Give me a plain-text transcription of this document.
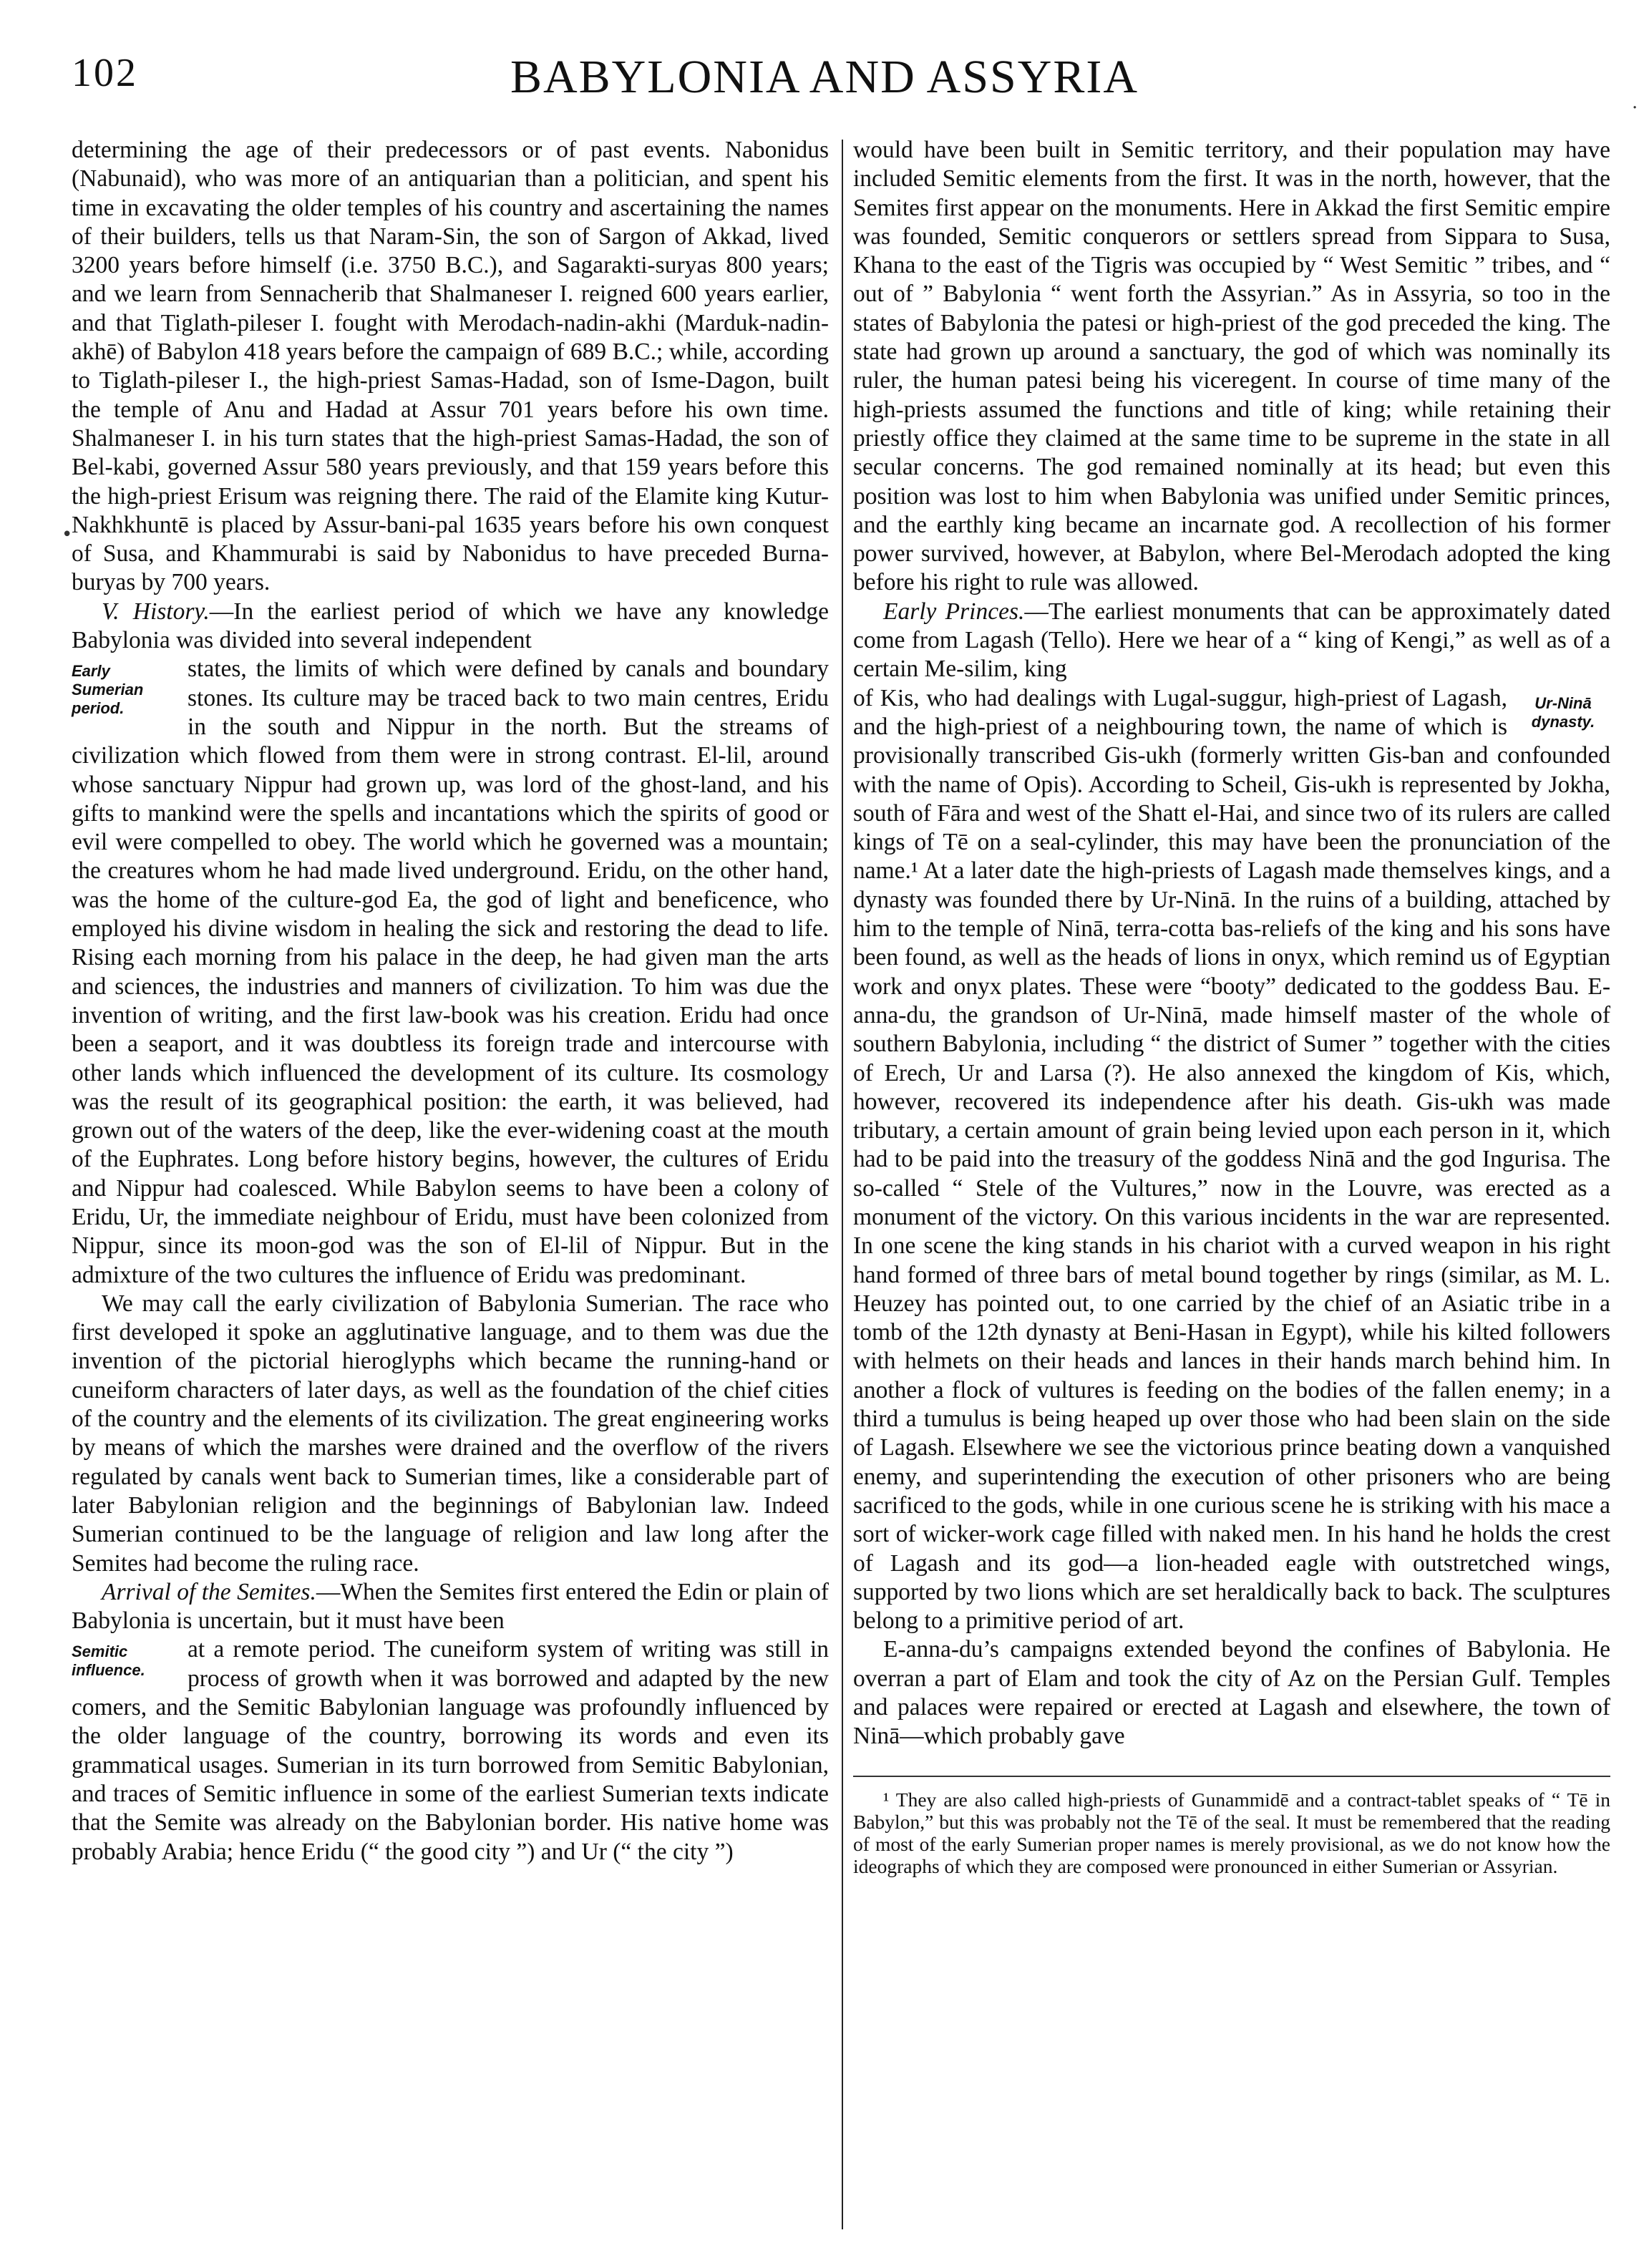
102	BABYLONIA AND ASSYRIA	.
•

determining the age of their predecessors or of past events. Nabonidus (Nabunaid), who was more of an antiquarian than a politician, and spent his time in excavating the older temples of his country and ascertaining the names of their builders, tells us that Naram-Sin, the son of Sargon of Akkad, lived 3200 years before himself (i.e. 3750 B.C.), and Sagarakti-suryas 800 years; and we learn from Sennacherib that Shalmaneser I. reigned 600 years earlier, and that Tiglath-pileser I. fought with Merodach-nadin-akhi (Marduk-nadin-akhē) of Babylon 418 years before the campaign of 689 B.C.; while, according to Tiglath-pileser I., the high-priest Samas-Hadad, son of Isme-Dagon, built the temple of Anu and Hadad at Assur 701 years before his own time. Shalmaneser I. in his turn states that the high-priest Samas-Hadad, the son of Bel-kabi, governed Assur 580 years previously, and that 159 years before this the high-priest Erisum was reigning there. The raid of the Elamite king Kutur-Nakhkhuntē is placed by Assur-bani-pal 1635 years before his own conquest of Susa, and Khammurabi is said by Nabonidus to have preceded Burna-buryas by 700 years.

V. History.—In the earliest period of which we have any knowledge Babylonia was divided into several independent

Early Sumerian period.
states, the limits of which were defined by canals and boundary stones. Its culture may be traced back to two main centres, Eridu in the south and Nippur in the north. But the streams of civilization which flowed from them were in strong contrast. El-lil, around whose sanctuary Nippur had grown up, was lord of the ghost-land, and his gifts to mankind were the spells and incantations which the spirits of good or evil were compelled to obey. The world which he governed was a mountain; the creatures whom he had made lived underground. Eridu, on the other hand, was the home of the culture-god Ea, the god of light and beneficence, who employed his divine wisdom in healing the sick and restoring the dead to life. Rising each morning from his palace in the deep, he had given man the arts and sciences, the industries and manners of civilization. To him was due the invention of writing, and the first law-book was his creation. Eridu had once been a seaport, and it was doubtless its foreign trade and intercourse with other lands which influenced the development of its culture. Its cosmology was the result of its geographical position: the earth, it was believed, had grown out of the waters of the deep, like the ever-widening coast at the mouth of the Euphrates. Long before history begins, however, the cultures of Eridu and Nippur had coalesced. While Babylon seems to have been a colony of Eridu, Ur, the immediate neighbour of Eridu, must have been colonized from Nippur, since its moon-god was the son of El-lil of Nippur. But in the admixture of the two cultures the influence of Eridu was predominant.

We may call the early civilization of Babylonia Sumerian. The race who first developed it spoke an agglutinative language, and to them was due the invention of the pictorial hieroglyphs which became the running-hand or cuneiform characters of later days, as well as the foundation of the chief cities of the country and the elements of its civilization. The great engineering works by means of which the marshes were drained and the overflow of the rivers regulated by canals went back to Sumerian times, like a considerable part of later Babylonian religion and the beginnings of Babylonian law. Indeed Sumerian continued to be the language of religion and law long after the Semites had become the ruling race.

Arrival of the Semites.—When the Semites first entered the Edin or plain of Babylonia is uncertain, but it must have been

Semitic influence.
at a remote period. The cuneiform system of writing was still in process of growth when it was borrowed and adapted by the new comers, and the Semitic Babylonian language was profoundly influenced by the older language of the country, borrowing its words and even its grammatical usages. Sumerian in its turn borrowed from Semitic Babylonian, and traces of Semitic influence in some of the earliest Sumerian texts indicate that the Semite was already on the Babylonian border. His native home was probably Arabia; hence Eridu (“ the good city ”) and Ur (“ the city ”)

would have been built in Semitic territory, and their population may have included Semitic elements from the first. It was in the north, however, that the Semites first appear on the monuments. Here in Akkad the first Semitic empire was founded, Semitic conquerors or settlers spread from Sippara to Susa, Khana to the east of the Tigris was occupied by “ West Semitic ” tribes, and “ out of ” Babylonia “ went forth the Assyrian.” As in Assyria, so too in the states of Babylonia the patesi or high-priest of the god preceded the king. The state had grown up around a sanctuary, the god of which was nominally its ruler, the human patesi being his viceregent. In course of time many of the high-priests assumed the functions and title of king; while retaining their priestly office they claimed at the same time to be supreme in the state in all secular concerns. The god remained nominally at its head; but even this position was lost to him when Babylonia was unified under Semitic princes, and the earthly king became an incarnate god. A recollection of his former power survived, however, at Babylon, where Bel-Merodach adopted the king before his right to rule was allowed.

Early Princes.—The earliest monuments that can be approximately dated come from Lagash (Tello). Here we hear of a “ king of Kengi,” as well as of a certain Me-silim, king

Ur-Ninā dynasty.
of Kis, who had dealings with Lugal-suggur, high-priest of Lagash, and the high-priest of a neighbouring town, the name of which is provisionally transcribed Gis-ukh (formerly written Gis-ban and confounded with the name of Opis). According to Scheil, Gis-ukh is represented by Jokha, south of Fāra and west of the Shatt el-Hai, and since two of its rulers are called kings of Tē on a seal-cylinder, this may have been the pronunciation of the name.¹ At a later date the high-priests of Lagash made themselves kings, and a dynasty was founded there by Ur-Ninā. In the ruins of a building, attached by him to the temple of Ninā, terra-cotta bas-reliefs of the king and his sons have been found, as well as the heads of lions in onyx, which remind us of Egyptian work and onyx plates. These were “booty” dedicated to the goddess Bau. E-anna-du, the grandson of Ur-Ninā, made himself master of the whole of southern Babylonia, including “ the district of Sumer ” together with the cities of Erech, Ur and Larsa (?). He also annexed the kingdom of Kis, which, however, recovered its independence after his death. Gis-ukh was made tributary, a certain amount of grain being levied upon each person in it, which had to be paid into the treasury of the goddess Ninā and the god Ingurisa. The so-called “ Stele of the Vultures,” now in the Louvre, was erected as a monument of the victory. On this various incidents in the war are represented. In one scene the king stands in his chariot with a curved weapon in his right hand formed of three bars of metal bound together by rings (similar, as M. L. Heuzey has pointed out, to one carried by the chief of an Asiatic tribe in a tomb of the 12th dynasty at Beni-Hasan in Egypt), while his kilted followers with helmets on their heads and lances in their hands march behind him. In another a flock of vultures is feeding on the bodies of the fallen enemy; in a third a tumulus is being heaped up over those who had been slain on the side of Lagash. Elsewhere we see the victorious prince beating down a vanquished enemy, and superintending the execution of other prisoners who are being sacrificed to the gods, while in one curious scene he is striking with his mace a sort of wicker-work cage filled with naked men. In his hand he holds the crest of Lagash and its god—a lion-headed eagle with outstretched wings, supported by two lions which are set heraldically back to back. The sculptures belong to a primitive period of art.

E-anna-du’s campaigns extended beyond the confines of Babylonia. He overran a part of Elam and took the city of Az on the Persian Gulf. Temples and palaces were repaired or erected at Lagash and elsewhere, the town of Ninā—which probably gave

¹ They are also called high-priests of Gunammidē and a contract-tablet speaks of “ Tē in Babylon,” but this was probably not the Tē of the seal. It must be remembered that the reading of most of the early Sumerian proper names is merely provisional, as we do not know how the ideographs of which they are composed were pronounced in either Sumerian or Assyrian.
